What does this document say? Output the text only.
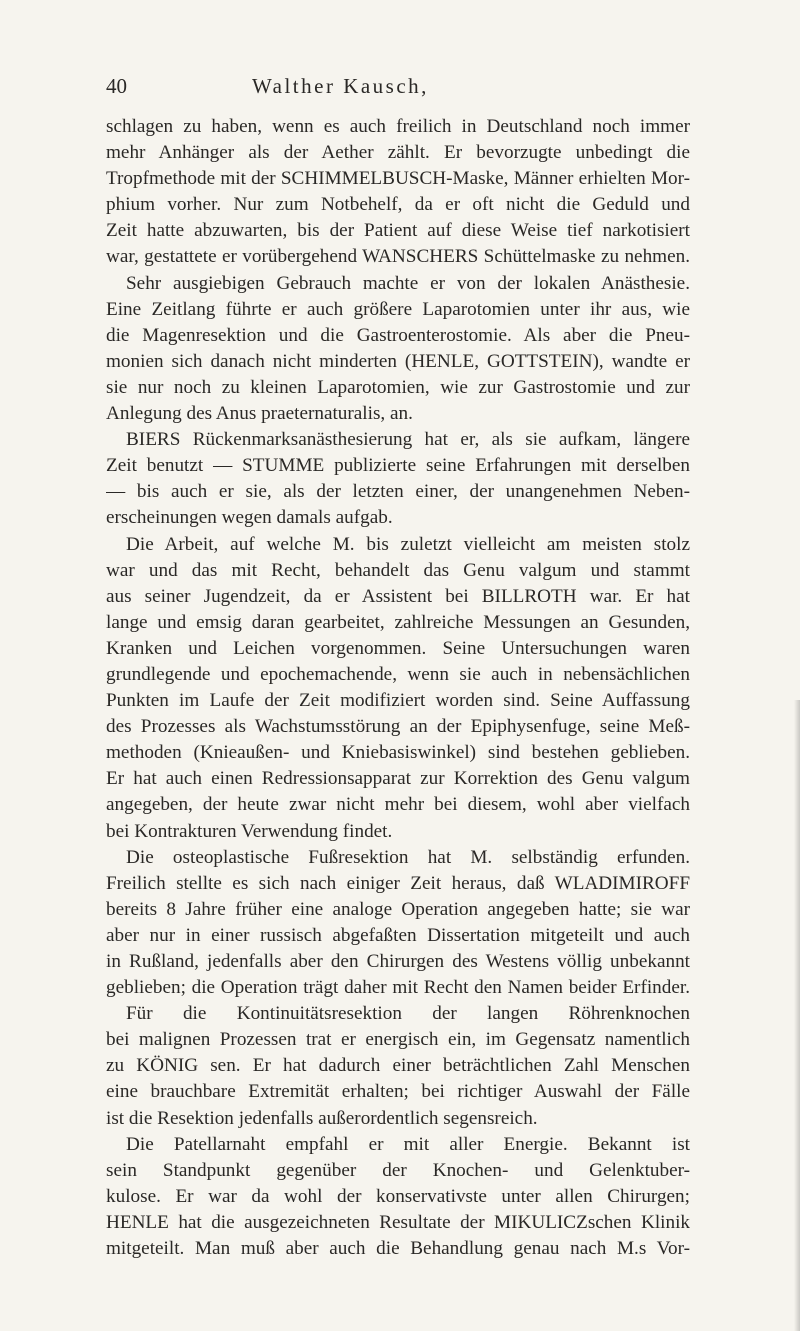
40	Walther Kausch,
schlagen zu haben, wenn es auch freilich in Deutschland noch immer
mehr Anhänger als der Aether zählt. Er bevorzugte unbedingt die
Tropfmethode mit der SCHIMMELBUSCH-Maske, Männer erhielten Mor-
phium vorher. Nur zum Notbehelf, da er oft nicht die Geduld und
Zeit hatte abzuwarten, bis der Patient auf diese Weise tief narkotisiert
war, gestattete er vorübergehend WANSCHERS Schüttelmaske zu nehmen.
Sehr ausgiebigen Gebrauch machte er von der lokalen Anästhesie.
Eine Zeitlang führte er auch größere Laparotomien unter ihr aus, wie
die Magenresektion und die Gastroenterostomie. Als aber die Pneu-
monien sich danach nicht minderten (HENLE, GOTTSTEIN), wandte er
sie nur noch zu kleinen Laparotomien, wie zur Gastrostomie und zur
Anlegung des Anus praeternaturalis, an.
BIERS Rückenmarksanästhesierung hat er, als sie aufkam, längere
Zeit benutzt — STUMME publizierte seine Erfahrungen mit derselben
— bis auch er sie, als der letzten einer, der unangenehmen Neben-
erscheinungen wegen damals aufgab.
Die Arbeit, auf welche M. bis zuletzt vielleicht am meisten stolz
war und das mit Recht, behandelt das Genu valgum und stammt
aus seiner Jugendzeit, da er Assistent bei BILLROTH war. Er hat
lange und emsig daran gearbeitet, zahlreiche Messungen an Gesunden,
Kranken und Leichen vorgenommen. Seine Untersuchungen waren
grundlegende und epochemachende, wenn sie auch in nebensächlichen
Punkten im Laufe der Zeit modifiziert worden sind. Seine Auffassung
des Prozesses als Wachstumsstörung an der Epiphysenfuge, seine Meß-
methoden (Knieaußen- und Kniebasiswinkel) sind bestehen geblieben.
Er hat auch einen Redressionsapparat zur Korrektion des Genu valgum
angegeben, der heute zwar nicht mehr bei diesem, wohl aber vielfach
bei Kontrakturen Verwendung findet.
Die osteoplastische Fußresektion hat M. selbständig erfunden.
Freilich stellte es sich nach einiger Zeit heraus, daß WLADIMIROFF
bereits 8 Jahre früher eine analoge Operation angegeben hatte; sie war
aber nur in einer russisch abgefaßten Dissertation mitgeteilt und auch
in Rußland, jedenfalls aber den Chirurgen des Westens völlig unbekannt
geblieben; die Operation trägt daher mit Recht den Namen beider Erfinder.
Für die Kontinuitätsresektion der langen Röhrenknochen
bei malignen Prozessen trat er energisch ein, im Gegensatz namentlich
zu KÖNIG sen. Er hat dadurch einer beträchtlichen Zahl Menschen
eine brauchbare Extremität erhalten; bei richtiger Auswahl der Fälle
ist die Resektion jedenfalls außerordentlich segensreich.
Die Patellarnaht empfahl er mit aller Energie. Bekannt ist
sein Standpunkt gegenüber der Knochen- und Gelenktuber-
kulose. Er war da wohl der konservativste unter allen Chirurgen;
HENLE hat die ausgezeichneten Resultate der MIKULICZschen Klinik
mitgeteilt. Man muß aber auch die Behandlung genau nach M.s Vor-
